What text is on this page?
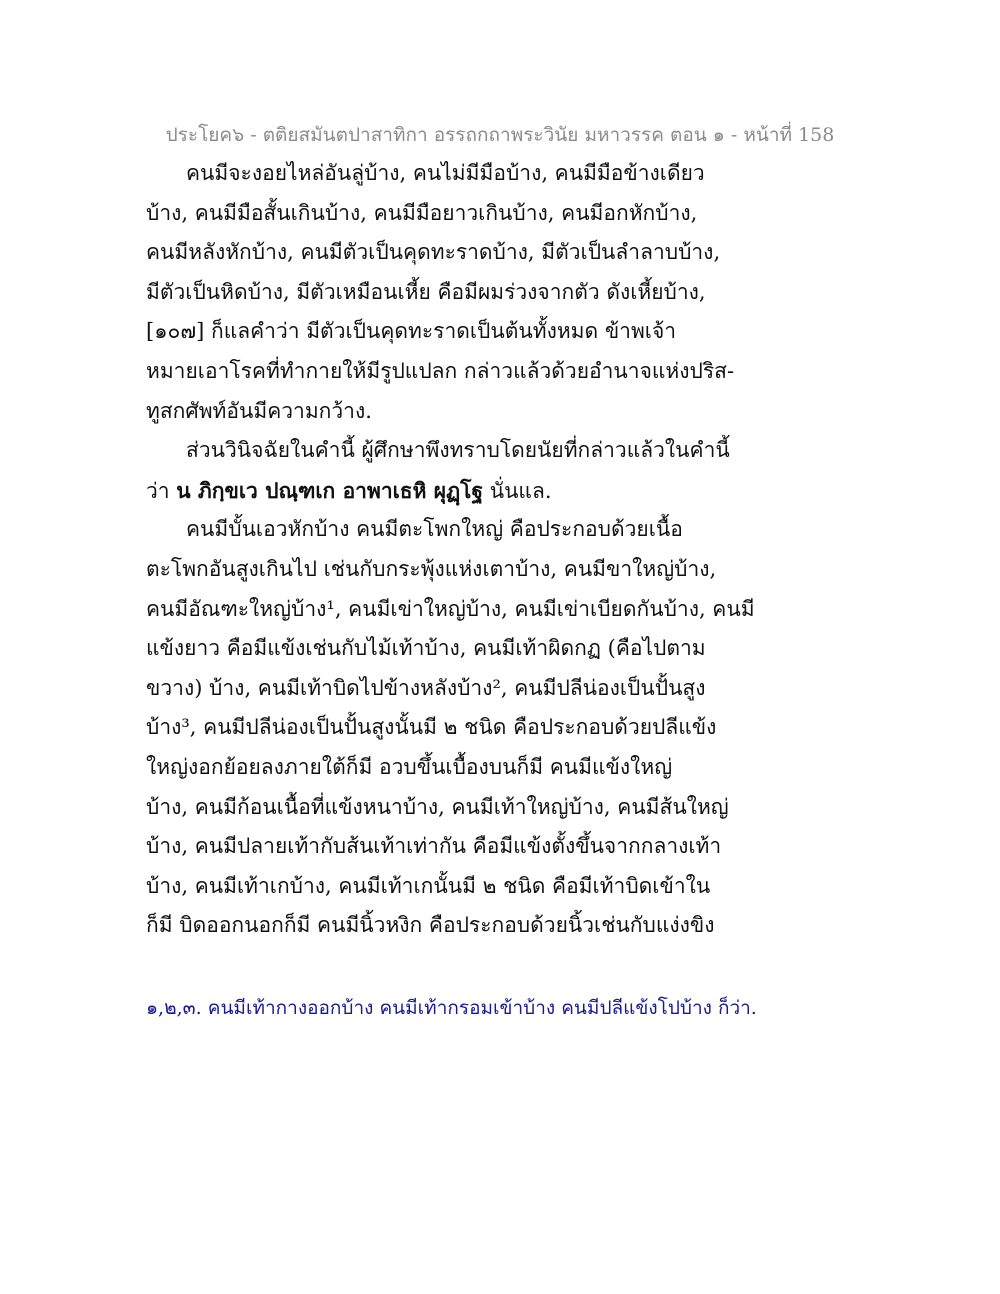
ประโยค๖ - ตติยสมันตปาสาทิกา อรรถกถาพระวินัย มหาวรรค ตอน ๑ - หน้าที่ 158
คนมีจะงอยไหล่อันลู่บ้าง, คนไม่มีมือบ้าง, คนมีมือข้างเดียว
บ้าง, คนมีมือสั้นเกินบ้าง, คนมีมือยาวเกินบ้าง, คนมีอกหักบ้าง,
คนมีหลังหักบ้าง, คนมีตัวเป็นคุดทะราดบ้าง, มีตัวเป็นลำลาบบ้าง,
มีตัวเป็นหิดบ้าง, มีตัวเหมือนเหี้ย คือมีผมร่วงจากตัว ดังเหี้ยบ้าง,
[๑๐๗] ก็แลคำว่า มีตัวเป็นคุดทะราดเป็นต้นทั้งหมด ข้าพเจ้า
หมายเอาโรคที่ทำกายให้มีรูปแปลก กล่าวแล้วด้วยอำนาจแห่งปริส-
ทูสกศัพท์อันมีความกว้าง.
ส่วนวินิจฉัยในคำนี้ ผู้ศึกษาพึงทราบโดยนัยที่กล่าวแล้วในคำนี้
ว่า น ภิกฺขเว ปณฺฑเก อาพาเธหิ ผุฏฺโฐ นั่นแล.
คนมีบั้นเอวหักบ้าง คนมีตะโพกใหญ่ คือประกอบด้วยเนื้อ
ตะโพกอันสูงเกินไป เช่นกับกระพุ้งแห่งเตาบ้าง, คนมีขาใหญ่บ้าง,
คนมีอัณฑะใหญ่บ้าง¹, คนมีเข่าใหญ่บ้าง, คนมีเข่าเบียดกันบ้าง, คนมี
แข้งยาว คือมีแข้งเช่นกับไม้เท้าบ้าง, คนมีเท้าผิดกฏ (คือไปตาม
ขวาง) บ้าง, คนมีเท้าบิดไปข้างหลังบ้าง², คนมีปลีน่องเป็นปั้นสูง
บ้าง³, คนมีปลีน่องเป็นปั้นสูงนั้นมี ๒ ชนิด คือประกอบด้วยปลีแข้ง
ใหญ่งอกย้อยลงภายใต้ก็มี อวบขึ้นเบื้องบนก็มี คนมีแข้งใหญ่
บ้าง, คนมีก้อนเนื้อที่แข้งหนาบ้าง, คนมีเท้าใหญ่บ้าง, คนมีส้นใหญ่
บ้าง, คนมีปลายเท้ากับส้นเท้าเท่ากัน คือมีแข้งตั้งขึ้นจากกลางเท้า
บ้าง, คนมีเท้าเกบ้าง, คนมีเท้าเกนั้นมี ๒ ชนิด คือมีเท้าบิดเข้าใน
ก็มี บิดออกนอกก็มี คนมีนิ้วหงิก คือประกอบด้วยนิ้วเช่นกับแง่งขิง
๑,๒,๓. คนมีเท้ากางออกบ้าง คนมีเท้ากรอมเข้าบ้าง คนมีปลีแข้งโปบ้าง ก็ว่า.
